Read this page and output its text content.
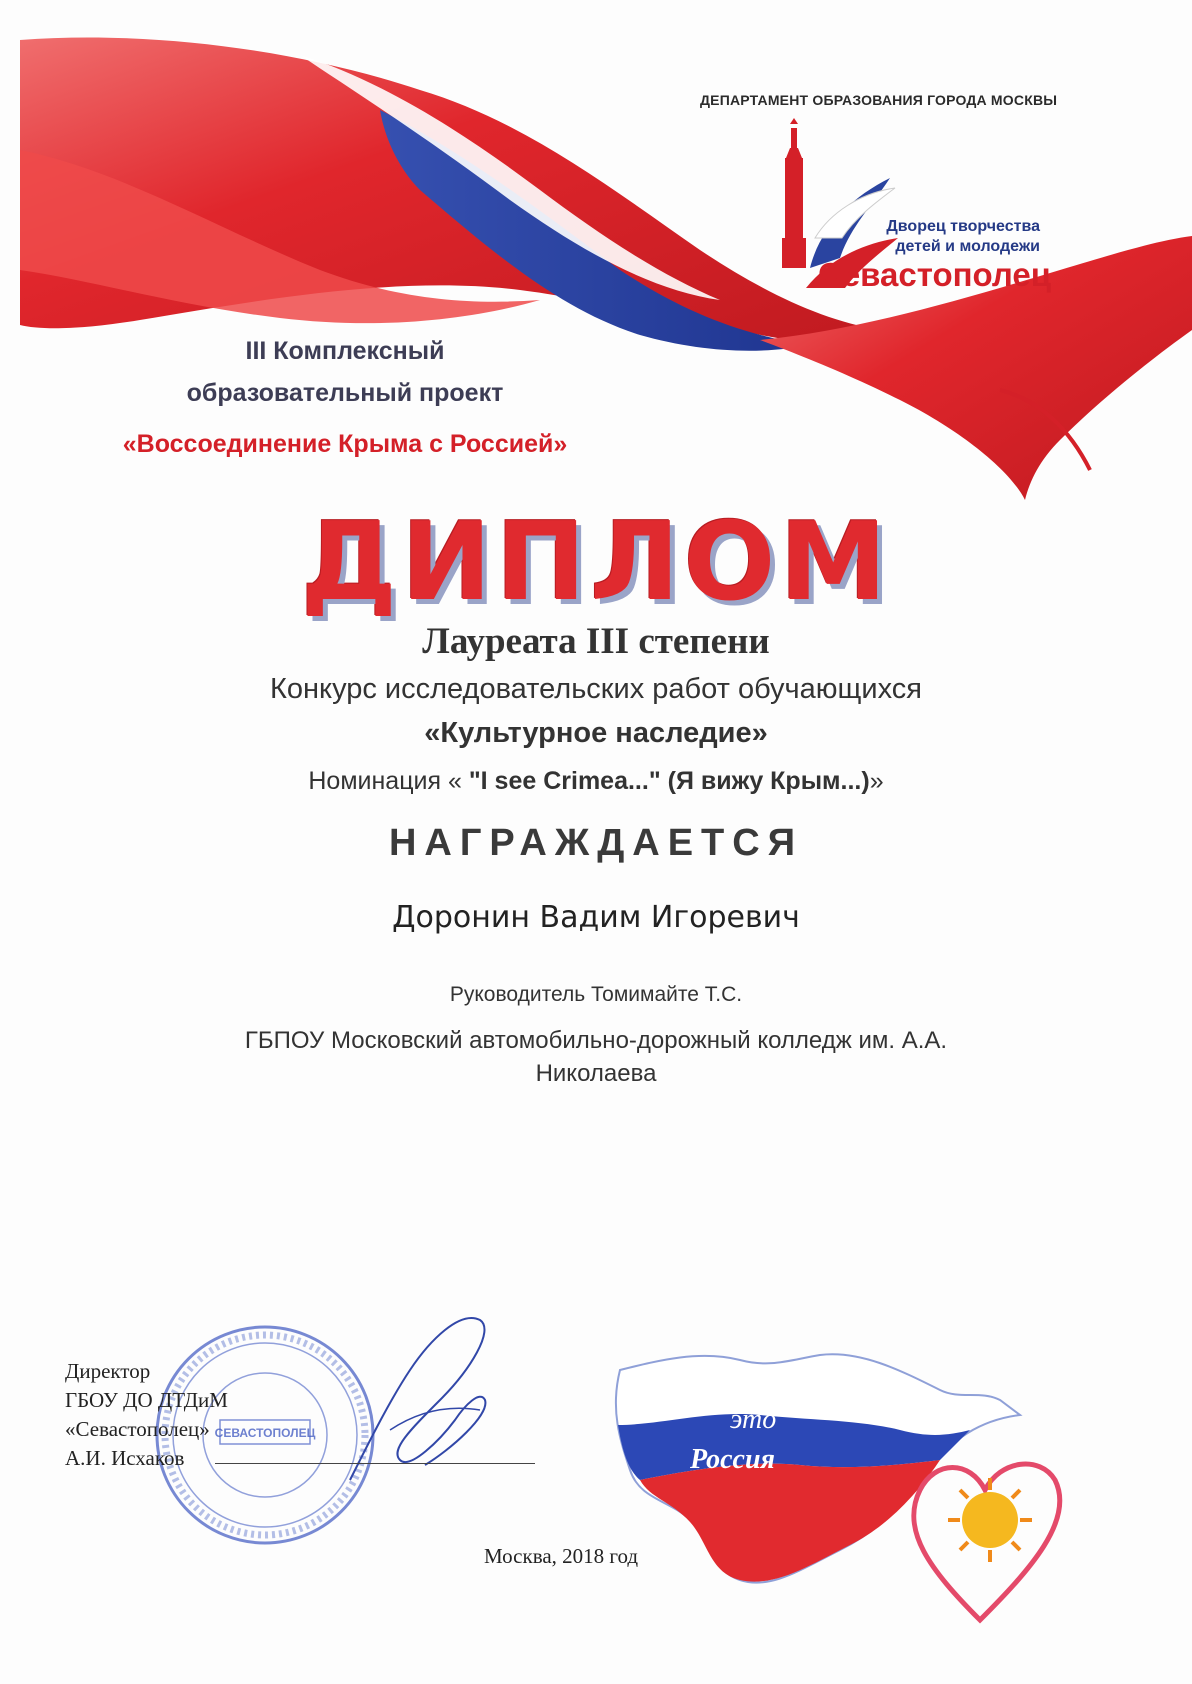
ДЕПАРТАМЕНТ ОБРАЗОВАНИЯ ГОРОДА МОСКВЫ
Дворец творчества
детей и молодежи
Севастополец
III Комплексный
образовательный проект
«Воссоединение Крыма с Россией»
ДИПЛОМ
Лауреата III степени
Конкурс исследовательских работ обучающихся
«Культурное наследие»
Номинация « "I see Crimea..." (Я вижу Крым...)»
НАГРАЖДАЕТСЯ
Доронин Вадим Игоревич
Руководитель Томимайте Т.С.
ГБПОУ Московский автомобильно-дорожный колледж им. А.А.
Николаева
СЕВАСТОПОЛЕЦ
Директор
ГБОУ ДО ДТДиМ
«Севастополец»
А.И. Исхаков
Крым -
это
Россия
Москва, 2018 год
